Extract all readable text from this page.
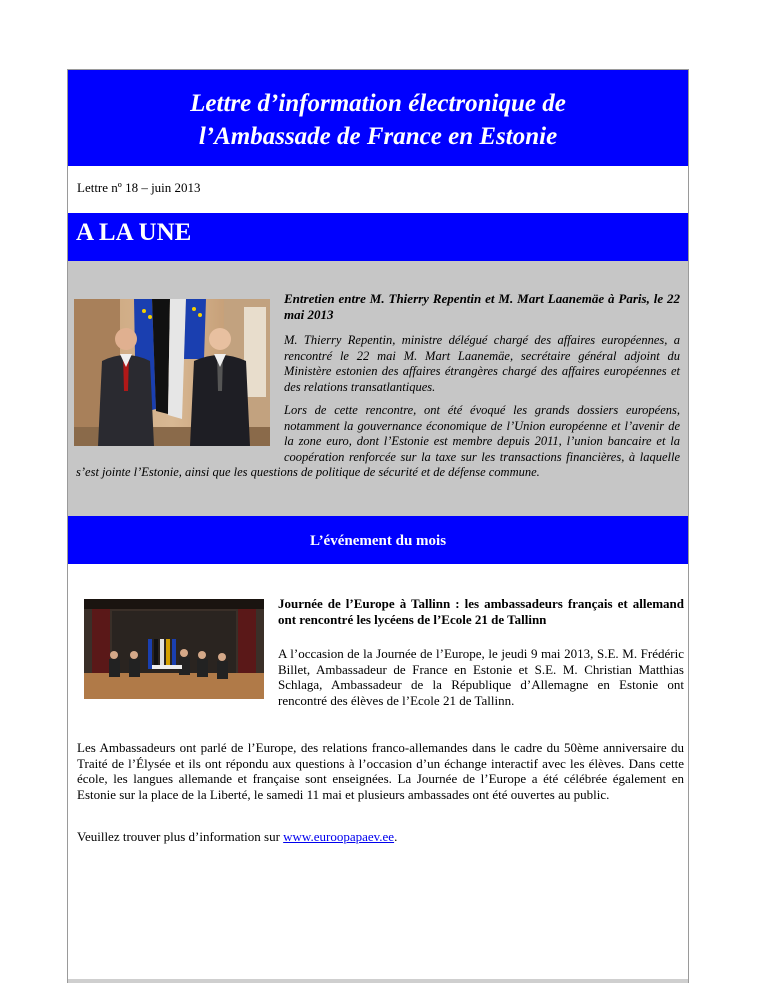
Lettre d’information électronique de
l’Ambassade de France en Estonie

Lettre nº 18 – juin 2013

A LA UNE

Entretien entre M. Thierry Repentin et M. Mart Laanemäe à Paris, le 22 mai 2013

M. Thierry Repentin, ministre délégué chargé des affaires européennes, a rencontré le 22 mai M. Mart Laanemäe, secrétaire général adjoint du Ministère estonien des affaires étrangères chargé des affaires européennes et des relations transatlantiques.

Lors de cette rencontre, ont été évoqué les grands dossiers européens, notamment la gouvernance économique de l’Union européenne et l’avenir de la zone euro, dont l’Estonie est membre depuis 2011, l’union bancaire et la coopération renforcée sur la taxe sur les transactions financières, à laquelle s’est jointe l’Estonie, ainsi que les questions de politique de sécurité et de défense commune.

L’événement du mois

Journée de l’Europe à Tallinn : les ambassadeurs français et allemand ont rencontré les lycéens de l’Ecole 21 de Tallinn

A l’occasion de la Journée de l’Europe, le jeudi 9 mai 2013, S.E. M. Frédéric Billet, Ambassadeur de France en Estonie et S.E. M. Christian Matthias Schlaga, Ambassadeur de la République d’Allemagne en Estonie ont rencontré des élèves de l’Ecole 21 de Tallinn.

Les Ambassadeurs ont parlé de l’Europe, des relations franco-allemandes dans le cadre du 50ème anniversaire du Traité de l’Élysée et ils ont répondu aux questions à l’occasion d’un échange interactif avec les élèves. Dans cette école, les langues allemande et française sont enseignées. La Journée de l’Europe a été célébrée également en Estonie sur la place de la Liberté, le samedi 11 mai et plusieurs ambassades ont été ouvertes au public.

Veuillez trouver plus d’information sur www.euroopapaev.ee.
